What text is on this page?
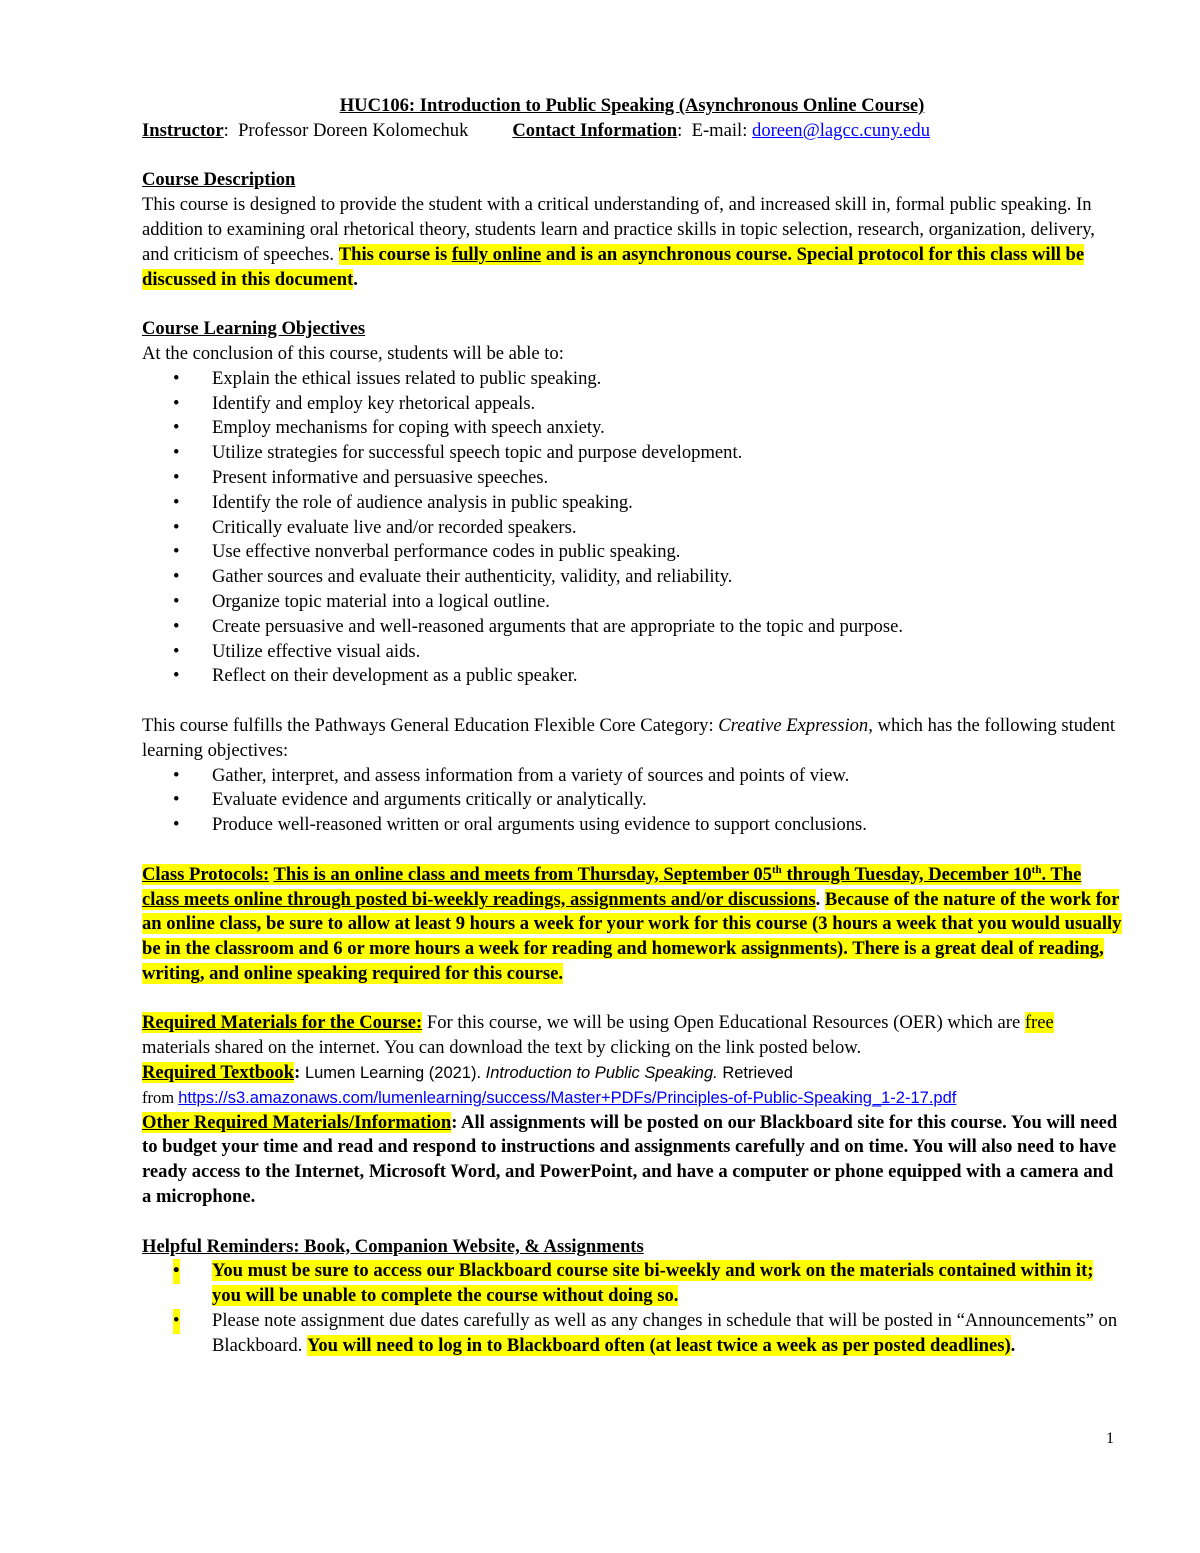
HUC106: Introduction to Public Speaking (Asynchronous Online Course)

Instructor:  Professor Doreen Kolomechuk Contact Information:  E-mail: doreen@lagcc.cuny.edu

Course Description

This course is designed to provide the student with a critical understanding of, and increased skill in, formal public speaking. In addition to examining oral rhetorical theory, students learn and practice skills in topic selection, research, organization, delivery, and criticism of speeches. This course is fully online and is an asynchronous course. Special protocol for this class will be discussed in this document.

Course Learning Objectives

At the conclusion of this course, students will be able to:

• Explain the ethical issues related to public speaking.
• Identify and employ key rhetorical appeals.
• Employ mechanisms for coping with speech anxiety.
• Utilize strategies for successful speech topic and purpose development.
• Present informative and persuasive speeches.
• Identify the role of audience analysis in public speaking.
• Critically evaluate live and/or recorded speakers.
• Use effective nonverbal performance codes in public speaking.
• Gather sources and evaluate their authenticity, validity, and reliability.
• Organize topic material into a logical outline.
• Create persuasive and well-reasoned arguments that are appropriate to the topic and purpose.
• Utilize effective visual aids.
• Reflect on their development as a public speaker.

This course fulfills the Pathways General Education Flexible Core Category: Creative Expression, which has the following student learning objectives:

• Gather, interpret, and assess information from a variety of sources and points of view.
• Evaluate evidence and arguments critically or analytically.
• Produce well-reasoned written or oral arguments using evidence to support conclusions.

Class Protocols: This is an online class and meets from Thursday, September 05th through Tuesday, December 10th. The class meets online through posted bi-weekly readings, assignments and/or discussions. Because of the nature of the work for an online class, be sure to allow at least 9 hours a week for your work for this course (3 hours a week that you would usually be in the classroom and 6 or more hours a week for reading and homework assignments). There is a great deal of reading, writing, and online speaking required for this course.

Required Materials for the Course: For this course, we will be using Open Educational Resources (OER) which are free materials shared on the internet. You can download the text by clicking on the link posted below.

Required Textbook: Lumen Learning (2021). Introduction to Public Speaking. Retrieved

from https://s3.amazonaws.com/lumenlearning/success/Master+PDFs/Principles-of-Public-Speaking_1-2-17.pdf

Other Required Materials/Information: All assignments will be posted on our Blackboard site for this course. You will need to budget your time and read and respond to instructions and assignments carefully and on time. You will also need to have ready access to the Internet, Microsoft Word, and PowerPoint, and have a computer or phone equipped with a camera and a microphone.

Helpful Reminders: Book, Companion Website, & Assignments

• You must be sure to access our Blackboard course site bi-weekly and work on the materials contained within it; you will be unable to complete the course without doing so.
• Please note assignment due dates carefully as well as any changes in schedule that will be posted in “Announcements” on Blackboard. You will need to log in to Blackboard often (at least twice a week as per posted deadlines).
1
